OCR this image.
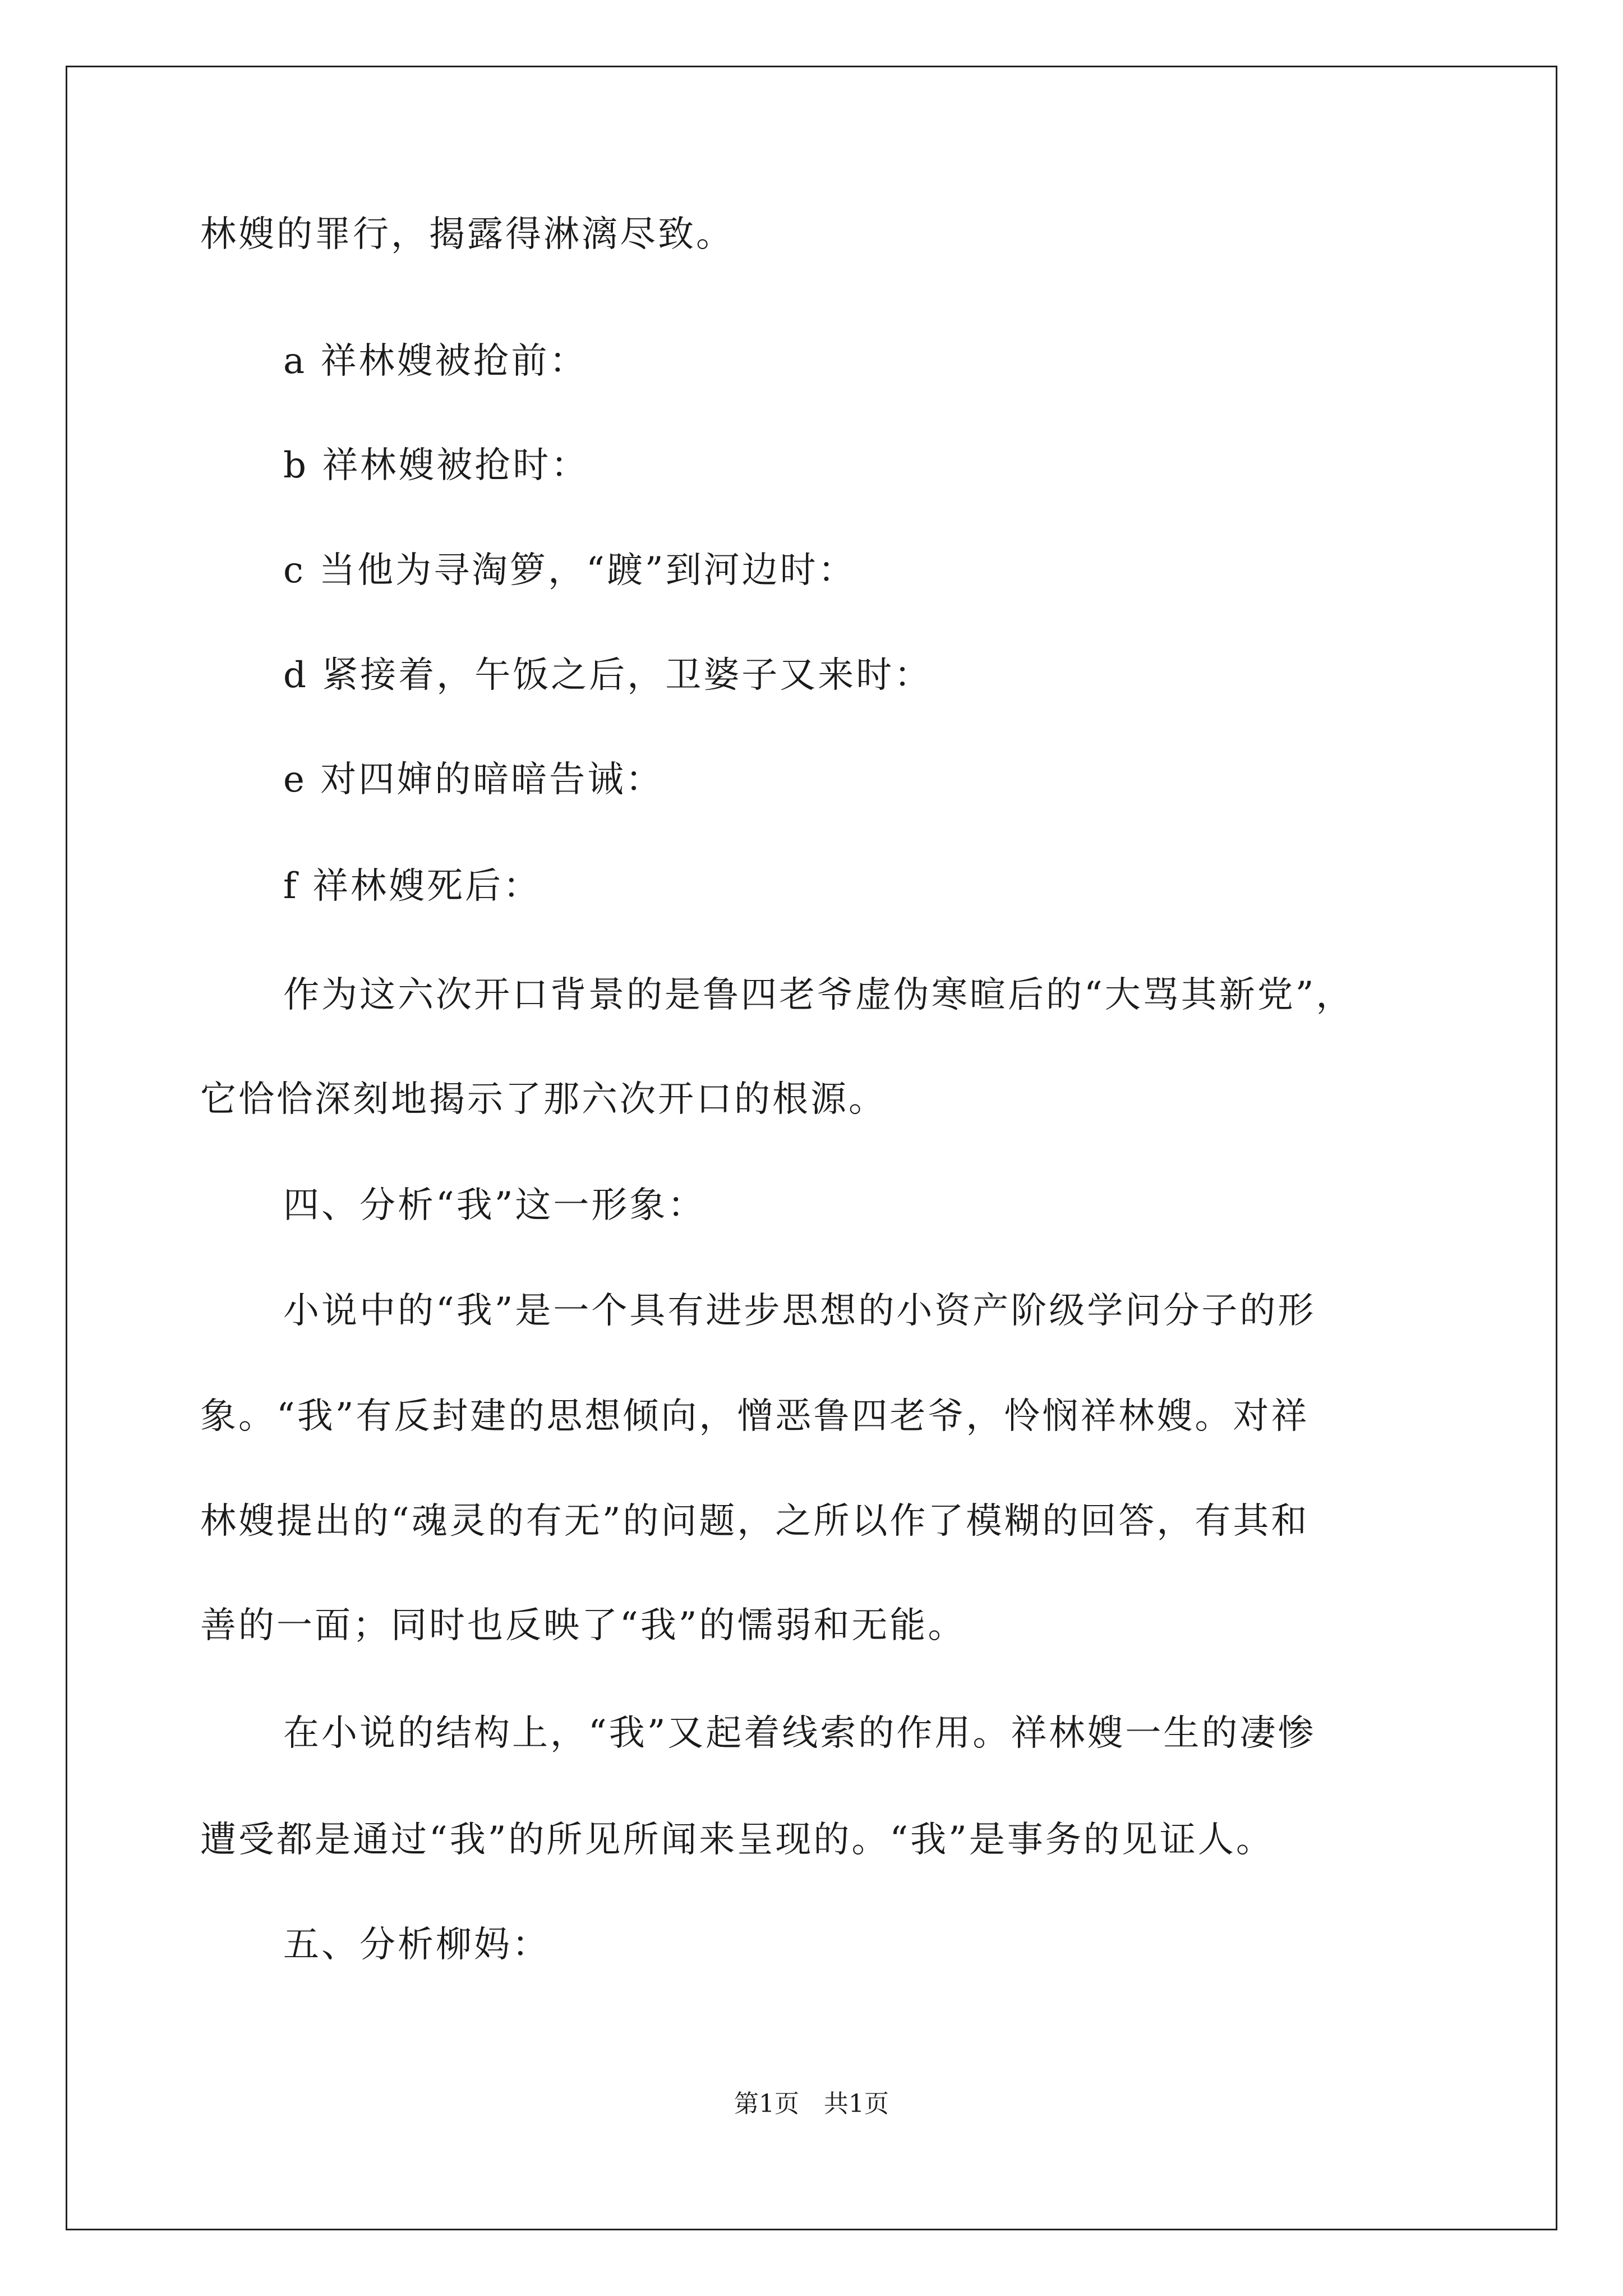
林嫂的罪行，揭露得淋漓尽致。
a 祥林嫂被抢前：
b 祥林嫂被抢时：
c 当他为寻淘箩，“踱”到河边时：
d 紧接着，午饭之后，卫婆子又来时：
e 对四婶的暗暗告诫：
f 祥林嫂死后：
作为这六次开口背景的是鲁四老爷虚伪寒暄后的“大骂其新党”，
它恰恰深刻地揭示了那六次开口的根源。
四、分析“我”这一形象：
小说中的“我”是一个具有进步思想的小资产阶级学问分子的形
象。“我”有反封建的思想倾向，憎恶鲁四老爷，怜悯祥林嫂。对祥
林嫂提出的“魂灵的有无”的问题，之所以作了模糊的回答，有其和
善的一面；同时也反映了“我”的懦弱和无能。
在小说的结构上，“我”又起着线索的作用。祥林嫂一生的凄惨
遭受都是通过“我”的所见所闻来呈现的。“我”是事务的见证人。
五、分析柳妈：
第1页　共1页
